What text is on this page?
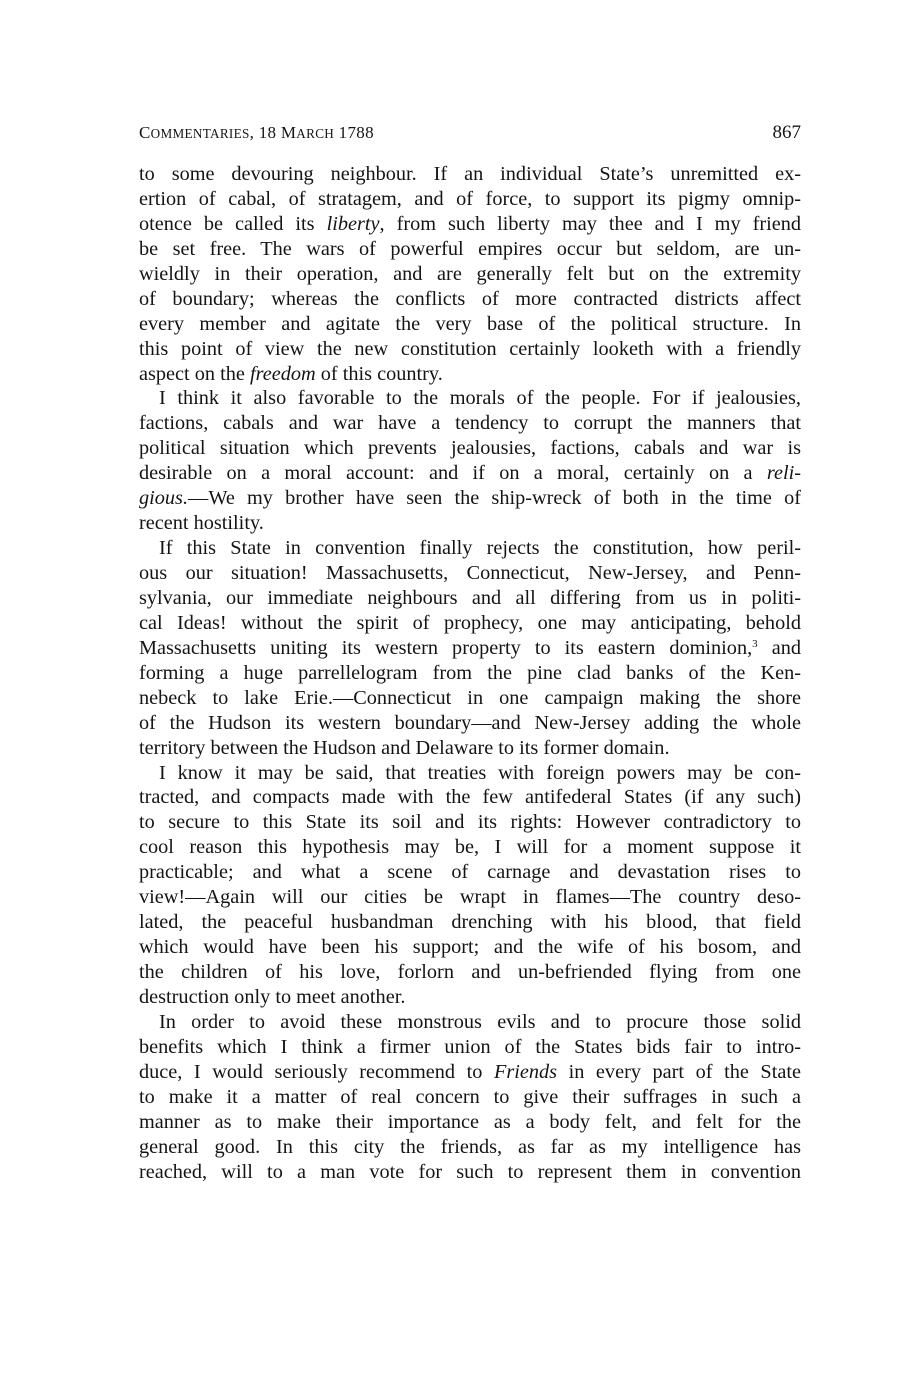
COMMENTARIES, 18 MARCH 1788	867
to some devouring neighbour. If an individual State’s unremitted ex-
ertion of cabal, of stratagem, and of force, to support its pigmy omnip-
otence be called its liberty, from such liberty may thee and I my friend
be set free. The wars of powerful empires occur but seldom, are un-
wieldly in their operation, and are generally felt but on the extremity
of boundary; whereas the conflicts of more contracted districts affect
every member and agitate the very base of the political structure. In
this point of view the new constitution certainly looketh with a friendly
aspect on the freedom of this country.
I think it also favorable to the morals of the people. For if jealousies,
factions, cabals and war have a tendency to corrupt the manners that
political situation which prevents jealousies, factions, cabals and war is
desirable on a moral account: and if on a moral, certainly on a reli-
gious.—We my brother have seen the ship-wreck of both in the time of
recent hostility.
If this State in convention finally rejects the constitution, how peril-
ous our situation! Massachusetts, Connecticut, New-Jersey, and Penn-
sylvania, our immediate neighbours and all differing from us in politi-
cal Ideas! without the spirit of prophecy, one may anticipating, behold
Massachusetts uniting its western property to its eastern dominion,$^3$ and
forming a huge parrellelogram from the pine clad banks of the Ken-
nebeck to lake Erie.—Connecticut in one campaign making the shore
of the Hudson its western boundary—and New-Jersey adding the whole
territory between the Hudson and Delaware to its former domain.
I know it may be said, that treaties with foreign powers may be con-
tracted, and compacts made with the few antifederal States (if any such)
to secure to this State its soil and its rights: However contradictory to
cool reason this hypothesis may be, I will for a moment suppose it
practicable; and what a scene of carnage and devastation rises to
view!—Again will our cities be wrapt in flames—The country deso-
lated, the peaceful husbandman drenching with his blood, that field
which would have been his support; and the wife of his bosom, and
the children of his love, forlorn and un-befriended flying from one
destruction only to meet another.
In order to avoid these monstrous evils and to procure those solid
benefits which I think a firmer union of the States bids fair to intro-
duce, I would seriously recommend to Friends in every part of the State
to make it a matter of real concern to give their suffrages in such a
manner as to make their importance as a body felt, and felt for the
general good. In this city the friends, as far as my intelligence has
reached, will to a man vote for such to represent them in convention
